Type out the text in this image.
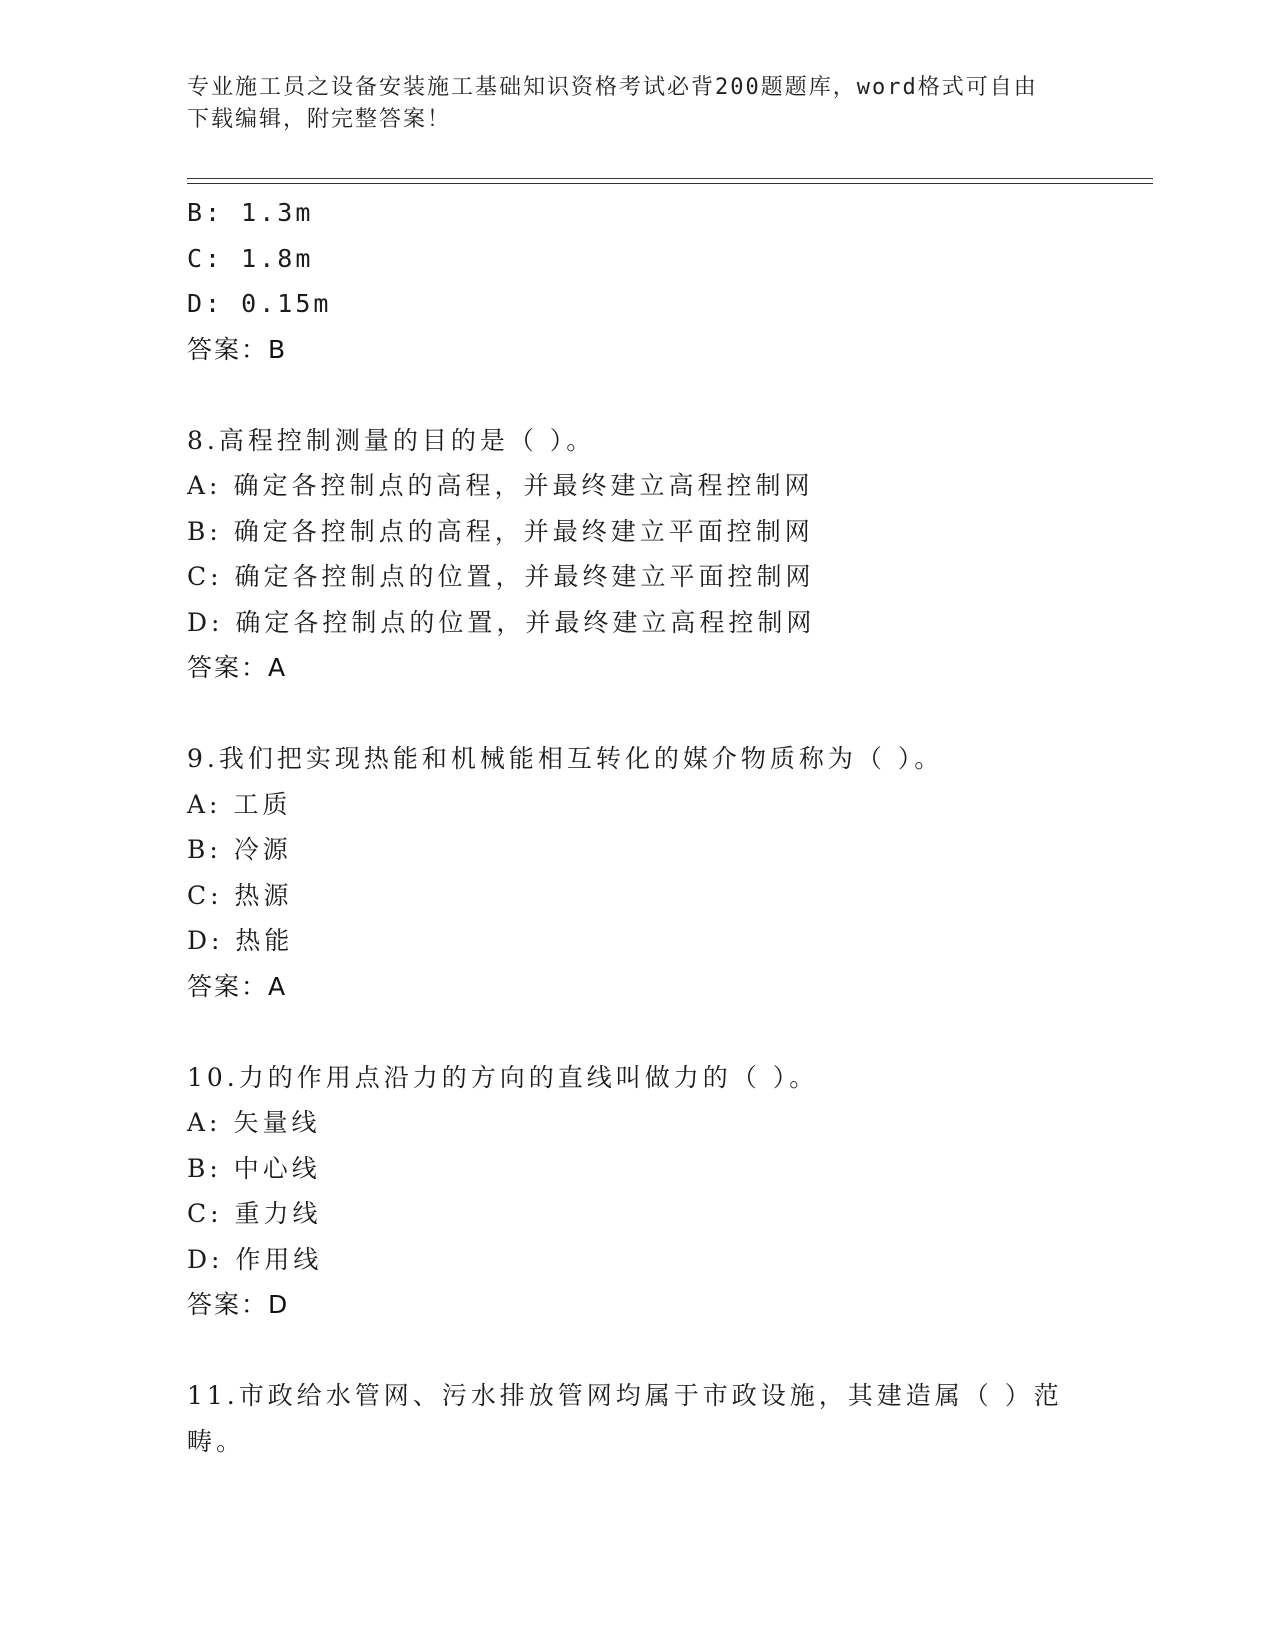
专业施工员之设备安装施工基础知识资格考试必背200题题库，word格式可自由
下载编辑，附完整答案！
B: 1.3m
C: 1.8m
D: 0.15m
答案：B
8.高程控制测量的目的是（ ）。
A: 确定各控制点的高程，并最终建立高程控制网
B: 确定各控制点的高程，并最终建立平面控制网
C: 确定各控制点的位置，并最终建立平面控制网
D: 确定各控制点的位置，并最终建立高程控制网
答案：A
9.我们把实现热能和机械能相互转化的媒介物质称为（ ）。
A: 工质
B: 冷源
C: 热源
D: 热能
答案：A
10.力的作用点沿力的方向的直线叫做力的（ ）。
A: 矢量线
B: 中心线
C: 重力线
D: 作用线
答案：D
11.市政给水管网、污水排放管网均属于市政设施，其建造属（ ）范
畴。
